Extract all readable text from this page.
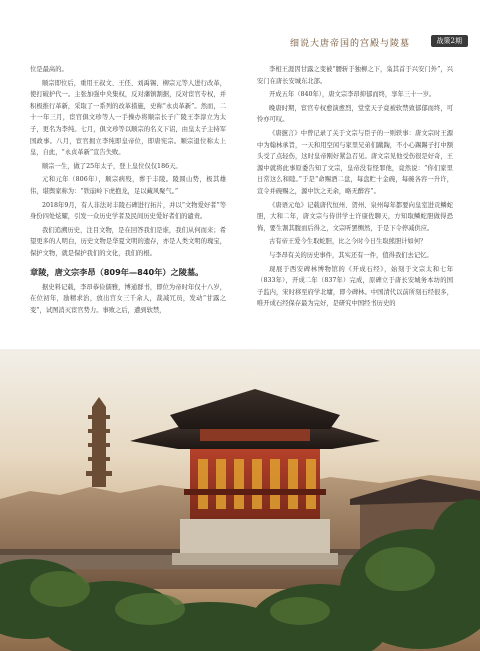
细说大唐帝国的宫殿与陵墓	战策2期

位是最高的。

顺宗即位后，重用王叔文、王伾、刘禹锡、柳宗元等人进行改革，使打破护代一。主张加强中央集权，反对藩镇割据，反对宦官专权，并积极推行革新，采取了一系列的改革措施，史称“永贞革新”。然而，二十一年三月，宦官俱文珍等人一手操办将顺宗长子广陵王李淳立为太子，更名为李纯。七月，俱文珍等以顺宗的名义下诏，由皇太子主持军国政事。八月，宦官拥立李纯即皇帝位，即唐宪宗。顺宗退位称太上皇，自此，“永贞革新”宣告失败。

顺宗一生，做了25年太子，登上皇位仅仅186天。

元和元年（806年），顺宗病殁，葬于丰陵。陵圆山势，极其雄伟，堪舆家称为：“铁崩岭下虎抱龙，足以藏风聚气。”

2018年9月，有人非法对丰陵石碑进行拓片，并以“文物爱好者”等身份四处炫耀，引发一众历史学者及民间历史爱好者们的谴责。

我们追溯历史，注目文物，是在回答我们是谁，我们从何而来；希望更多的人明白，历史文物是华夏文明的遗存，亦是人类文明的瑰宝，保护文物，就是保护我们的文化，我们的根。

章陵，唐文宗李昂（809年—840年）之陵墓。

据史料记载，李昂恭俭儒雅，博通群书，即位为帝时年仅十八岁，在位初年，励精求治，放出宫女三千余人，裁减冗员，发动“甘露之变”，试图消灭宦官势力。事败之后，遭到软禁，

李相王涯因甘露之变被“腰斩于独柳之下，枭其首于兴安门外”，兴安门在唐长安城东北部。

开成五年（840年），唐文宗李昂抑郁而终，享年三十一岁。

晚唐时期，宦官专权愈演愈烈，堂堂天子竟被软禁致郁郁而终，可怜亦可叹。

《唐摭言》中曾记录了关于文宗与臣子的一则轶事：唐文宗时王源中为翰林承旨，一天和用空闲与家里兄弟们蹴踘，不小心踢踢子打中额头受了点轻伤，这时皇帝刚好紧急召见。唐文宗见他受伤很是好奇，王源中就将此事原委告知了文宗，皇帝没有怪罪他，竟然说：“你们家里日常这么和睦。”于是“命赐酒二盘，每盘贮十金碗，每碗各容一升许，宣令并碗赐之，源中饮之无余，略无醉容”。

《唐语元龟》记载唐代恒州、贺州、泉州每年都要向皇室进贡鳞蛇胆，大和二年，唐文宗与侍讲学士许康佐聊天，方知取鳞蛇胆做得恐怖，要生割其腹而后得之，文宗听罢恻然，于是下令停减供应。

古有帝王爱今生取蛇胆，比之今时今日生取熊胆计如何？

与李昂有关的历史事件，其实还有一件，值得我们去记忆。

现展于西安碑林博物馆的《开成石经》，始刻于文宗太和七年（833年），开成二年（837年）完成，原碑立于唐长安城务本坊的国子监内，宋时移至府学北墉，即今碑林。中国清代以前所刻石经很多，唯开成石经保存最为完好，是研究中国经书历史的
